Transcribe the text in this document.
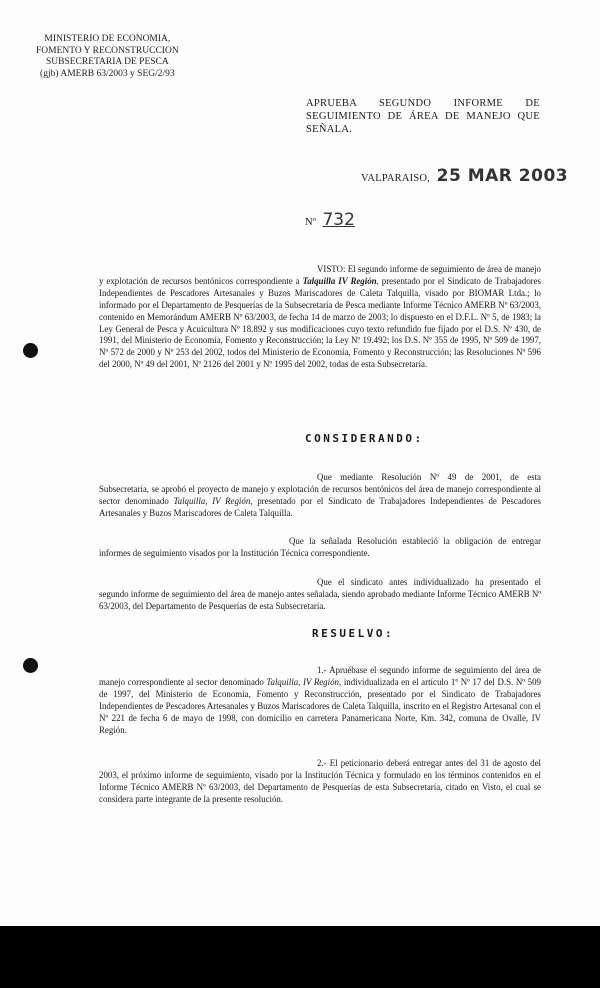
MINISTERIO DE ECONOMIA,
FOMENTO Y RECONSTRUCCION
SUBSECRETARIA DE PESCA
(gjb) AMERB 63/2003 y SEG/2/93
APRUEBA SEGUNDO INFORME DE SEGUIMIENTO DE ÁREA DE MANEJO QUE SEÑALA.
VALPARAISO, 25 MAR 2003
Nº 732
VISTO: El segundo informe de seguimiento de área de manejo y explotación de recursos bentónicos correspondiente a Talquilla IV Región, presentado por el Sindicato de Trabajadores Independientes de Pescadores Artesanales y Buzos Mariscadores de Caleta Talquilla, visado por BIOMAR Ltda.; lo informado por el Departamento de Pesquerías de la Subsecretaría de Pesca mediante Informe Técnico AMERB Nº 63/2003, contenido en Memorándum AMERB Nº 63/2003, de fecha 14 de marzo de 2003; lo dispuesto en el D.F.L. Nº 5, de 1983; la Ley General de Pesca y Acuicultura Nº 18.892 y sus modificaciones cuyo texto refundido fue fijado por el D.S. Nº 430, de 1991, del Ministerio de Economía, Fomento y Reconstrucción; la Ley Nº 19.492; los D.S. Nº 355 de 1995, Nº 509 de 1997, Nº 572 de 2000 y Nº 253 del 2002, todos del Ministerio de Economía, Fomento y Reconstrucción; las Resoluciones Nº 596 del 2000, Nº 49 del 2001, Nº 2126 del 2001 y Nº 1995 del 2002, todas de esta Subsecretaría.
CONSIDERANDO:
Que mediante Resolución Nº 49 de 2001, de esta Subsecretaría, se aprobó el proyecto de manejo y explotación de recursos bentónicos del área de manejo correspondiente al sector denominado Talquilla, IV Región, presentado por el Sindicato de Trabajadores Independientes de Pescadores Artesanales y Buzos Mariscadores de Caleta Talquilla.
Que la señalada Resolución estableció la obligación de entregar informes de seguimiento visados por la Institución Técnica correspondiente.
Que el sindicato antes individualizado ha presentado el segundo informe de seguimiento del área de manejo antes señalada, siendo aprobado mediante Informe Técnico AMERB Nº 63/2003, del Departamento de Pesquerías de esta Subsecretaría.
RESUELVO:
1.- Apruébase el segundo informe de seguimiento del área de manejo correspondiente al sector denominado Talquilla, IV Región, individualizada en el artículo 1º Nº 17 del D.S. Nº 509 de 1997, del Ministerio de Economía, Fomento y Reconstrucción, presentado por el Sindicato de Trabajadores Independientes de Pescadores Artesanales y Buzos Mariscadores de Caleta Talquilla, inscrito en el Registro Artesanal con el Nº 221 de fecha 6 de mayo de 1998, con domicilio en carretera Panamericana Norte, Km. 342, comuna de Ovalle, IV Región.
2.- El peticionario deberá entregar antes del 31 de agosto del 2003, el próximo informe de seguimiento, visado por la Institución Técnica y formulado en los términos contenidos en el Informe Técnico AMERB Nº 63/2003, del Departamento de Pesquerías de esta Subsecretaría, citado en Visto, el cual se considera parte integrante de la presente resolución.
